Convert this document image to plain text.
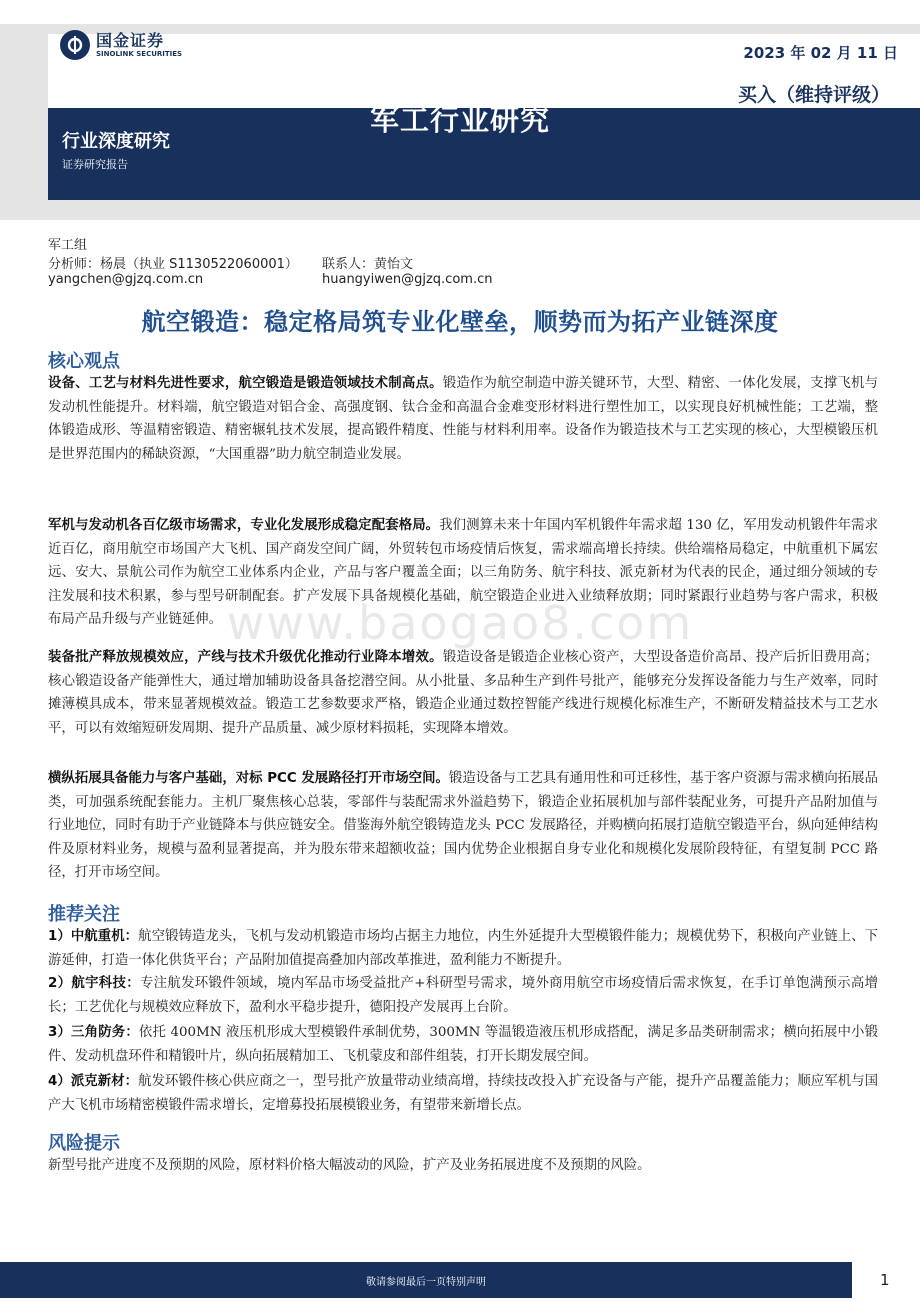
国金证券
SINOLINK SECURITIES	2023 年 02 月 11 日
买入（维持评级）
军工行业研究
行业深度研究
证券研究报告
军工组
分析师：杨晨（执业 S1130522060001） 联系人：黄怡文
yangchen@gjzq.com.cn	huangyiwen@gjzq.com.cn
航空锻造：稳定格局筑专业化壁垒，顺势而为拓产业链深度
www.baogao8.com
核心观点

设备、工艺与材料先进性要求，航空锻造是锻造领域技术制高点。锻造作为航空制造中游关键环节，大型、精密、一体化发展，支撑飞机与发动机性能提升。材料端，航空锻造对铝合金、高强度钢、钛合金和高温合金难变形材料进行塑性加工，以实现良好机械性能；工艺端，整体锻造成形、等温精密锻造、精密辗轧技术发展，提高锻件精度、性能与材料利用率。设备作为锻造技术与工艺实现的核心，大型模锻压机是世界范围内的稀缺资源，“大国重器”助力航空制造业发展。

军机与发动机各百亿级市场需求，专业化发展形成稳定配套格局。我们测算未来十年国内军机锻件年需求超 130 亿，军用发动机锻件年需求近百亿，商用航空市场国产大飞机、国产商发空间广阔，外贸转包市场疫情后恢复，需求端高增长持续。供给端格局稳定，中航重机下属宏远、安大、景航公司作为航空工业体系内企业，产品与客户覆盖全面；以三角防务、航宇科技、派克新材为代表的民企，通过细分领域的专注发展和技术积累，参与型号研制配套。扩产发展下具备规模化基础，航空锻造企业进入业绩释放期；同时紧跟行业趋势与客户需求，积极布局产品升级与产业链延伸。

装备批产释放规模效应，产线与技术升级优化推动行业降本增效。锻造设备是锻造企业核心资产，大型设备造价高昂、投产后折旧费用高；核心锻造设备产能弹性大，通过增加辅助设备具备挖潜空间。从小批量、多品种生产到件号批产，能够充分发挥设备能力与生产效率，同时摊薄模具成本，带来显著规模效益。锻造工艺参数要求严格，锻造企业通过数控智能产线进行规模化标准生产，不断研发精益技术与工艺水平，可以有效缩短研发周期、提升产品质量、减少原材料损耗，实现降本增效。

横纵拓展具备能力与客户基础，对标 PCC 发展路径打开市场空间。锻造设备与工艺具有通用性和可迁移性，基于客户资源与需求横向拓展品类，可加强系统配套能力。主机厂聚焦核心总装，零部件与装配需求外溢趋势下，锻造企业拓展机加与部件装配业务，可提升产品附加值与行业地位，同时有助于产业链降本与供应链安全。借鉴海外航空锻铸造龙头 PCC 发展路径，并购横向拓展打造航空锻造平台，纵向延伸结构件及原材料业务，规模与盈利显著提高，并为股东带来超额收益；国内优势企业根据自身专业化和规模化发展阶段特征，有望复制 PCC 路径，打开市场空间。

推荐关注

1）中航重机：航空锻铸造龙头，飞机与发动机锻造市场均占据主力地位，内生外延提升大型模锻件能力；规模优势下，积极向产业链上、下游延伸，打造一体化供货平台；产品附加值提高叠加内部改革推进，盈利能力不断提升。

2）航宇科技：专注航发环锻件领域，境内军品市场受益批产+科研型号需求，境外商用航空市场疫情后需求恢复，在手订单饱满预示高增长；工艺优化与规模效应释放下，盈利水平稳步提升，德阳投产发展再上台阶。

3）三角防务：依托 400MN 液压机形成大型模锻件承制优势，300MN 等温锻造液压机形成搭配，满足多品类研制需求；横向拓展中小锻件、发动机盘环件和精锻叶片，纵向拓展精加工、飞机蒙皮和部件组装，打开长期发展空间。

4）派克新材：航发环锻件核心供应商之一，型号批产放量带动业绩高增，持续技改投入扩充设备与产能，提升产品覆盖能力；顺应军机与国产大飞机市场精密模锻件需求增长，定增募投拓展模锻业务，有望带来新增长点。

风险提示

新型号批产进度不及预期的风险，原材料价格大幅波动的风险，扩产及业务拓展进度不及预期的风险。

敬请参阅最后一页特别声明	1
